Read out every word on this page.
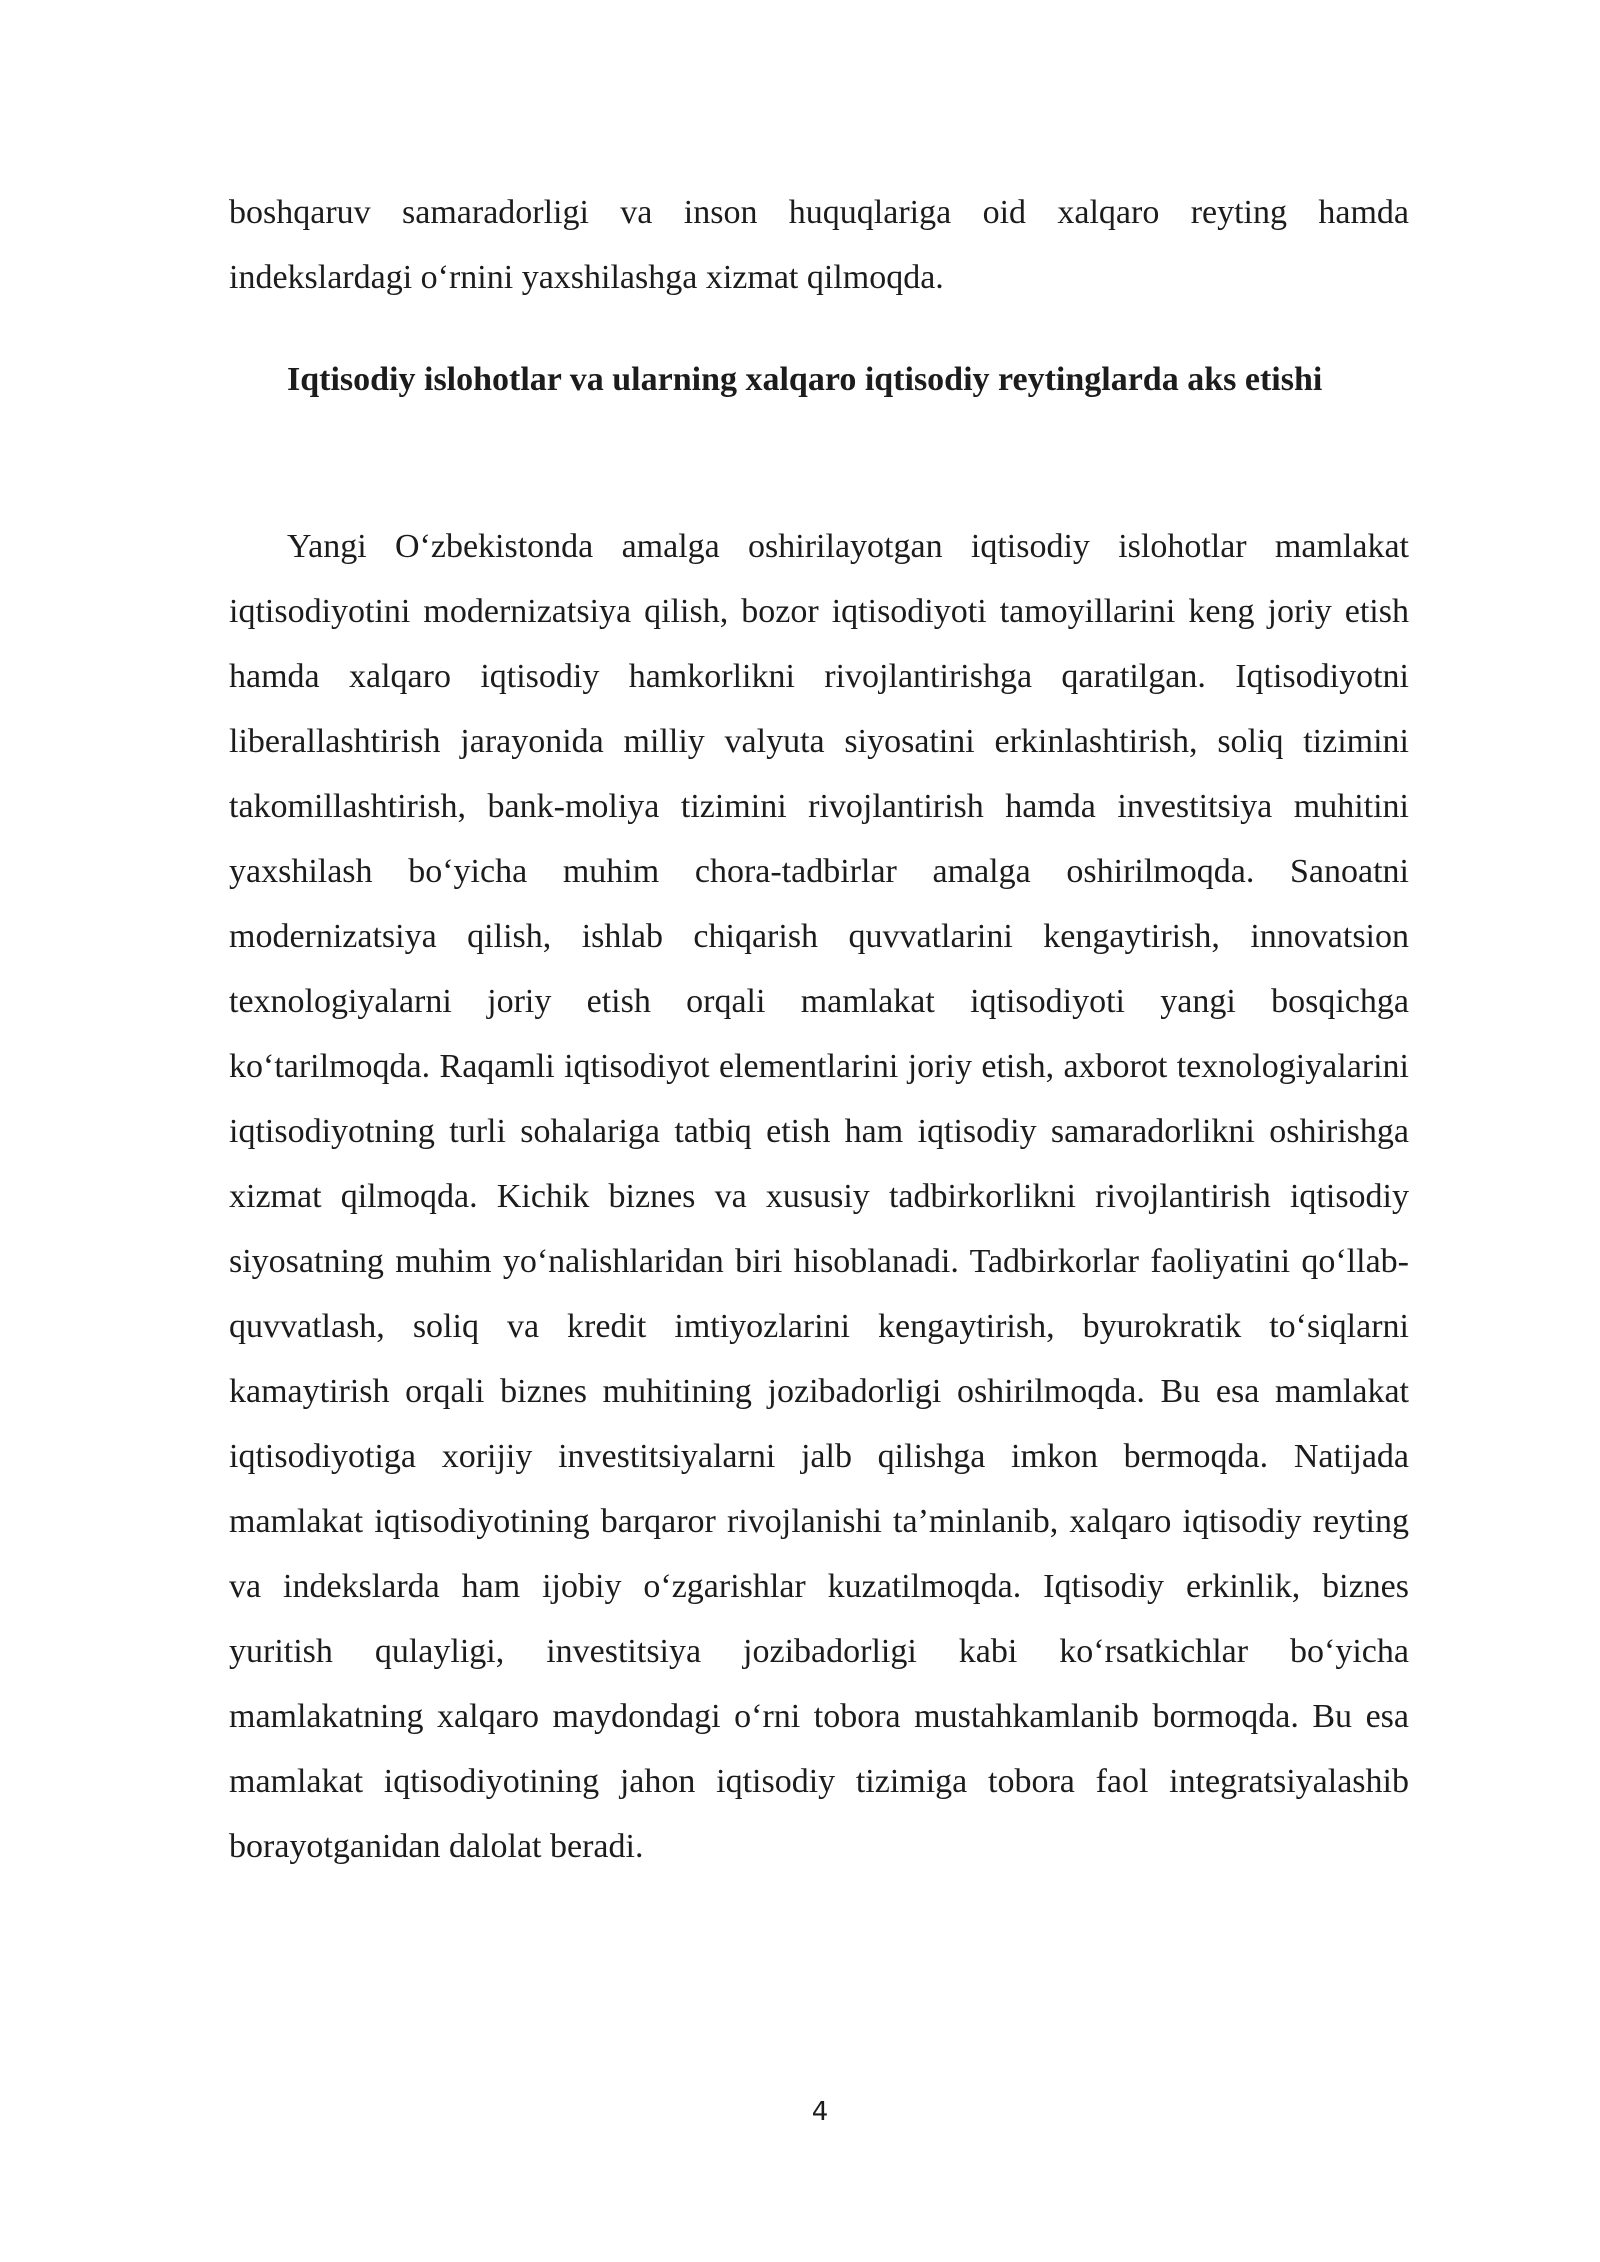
boshqaruv samaradorligi va inson huquqlariga oid xalqaro reyting hamda indekslardagi o‘rnini yaxshilashga xizmat qilmoqda.

Iqtisodiy islohotlar va ularning xalqaro iqtisodiy reytinglarda aks etishi

Yangi O‘zbekistonda amalga oshirilayotgan iqtisodiy islohotlar mamlakat iqtisodiyotini modernizatsiya qilish, bozor iqtisodiyoti tamoyillarini keng joriy etish hamda xalqaro iqtisodiy hamkorlikni rivojlantirishga qaratilgan. Iqtisodiyotni liberallashtirish jarayonida milliy valyuta siyosatini erkinlashtirish, soliq tizimini takomillashtirish, bank-moliya tizimini rivojlantirish hamda investitsiya muhitini yaxshilash bo‘yicha muhim chora-tadbirlar amalga oshirilmoqda. Sanoatni modernizatsiya qilish, ishlab chiqarish quvvatlarini kengaytirish, innovatsion texnologiyalarni joriy etish orqali mamlakat iqtisodiyoti yangi bosqichga ko‘tarilmoqda. Raqamli iqtisodiyot elementlarini joriy etish, axborot texnologiyalarini iqtisodiyotning turli sohalariga tatbiq etish ham iqtisodiy samaradorlikni oshirishga xizmat qilmoqda. Kichik biznes va xususiy tadbirkorlikni rivojlantirish iqtisodiy siyosatning muhim yo‘nalishlaridan biri hisoblanadi. Tadbirkorlar faoliyatini qo‘llab-quvvatlash, soliq va kredit imtiyozlarini kengaytirish, byurokratik to‘siqlarni kamaytirish orqali biznes muhitining jozibadorligi oshirilmoqda. Bu esa mamlakat iqtisodiyotiga xorijiy investitsiyalarni jalb qilishga imkon bermoqda. Natijada mamlakat iqtisodiyotining barqaror rivojlanishi ta’minlanib, xalqaro iqtisodiy reyting va indekslarda ham ijobiy o‘zgarishlar kuzatilmoqda. Iqtisodiy erkinlik, biznes yuritish qulayligi, investitsiya jozibadorligi kabi ko‘rsatkichlar bo‘yicha mamlakatning xalqaro maydondagi o‘rni tobora mustahkamlanib bormoqda. Bu esa mamlakat iqtisodiyotining jahon iqtisodiy tizimiga tobora faol integratsiyalashib borayotganidan dalolat beradi.

4
